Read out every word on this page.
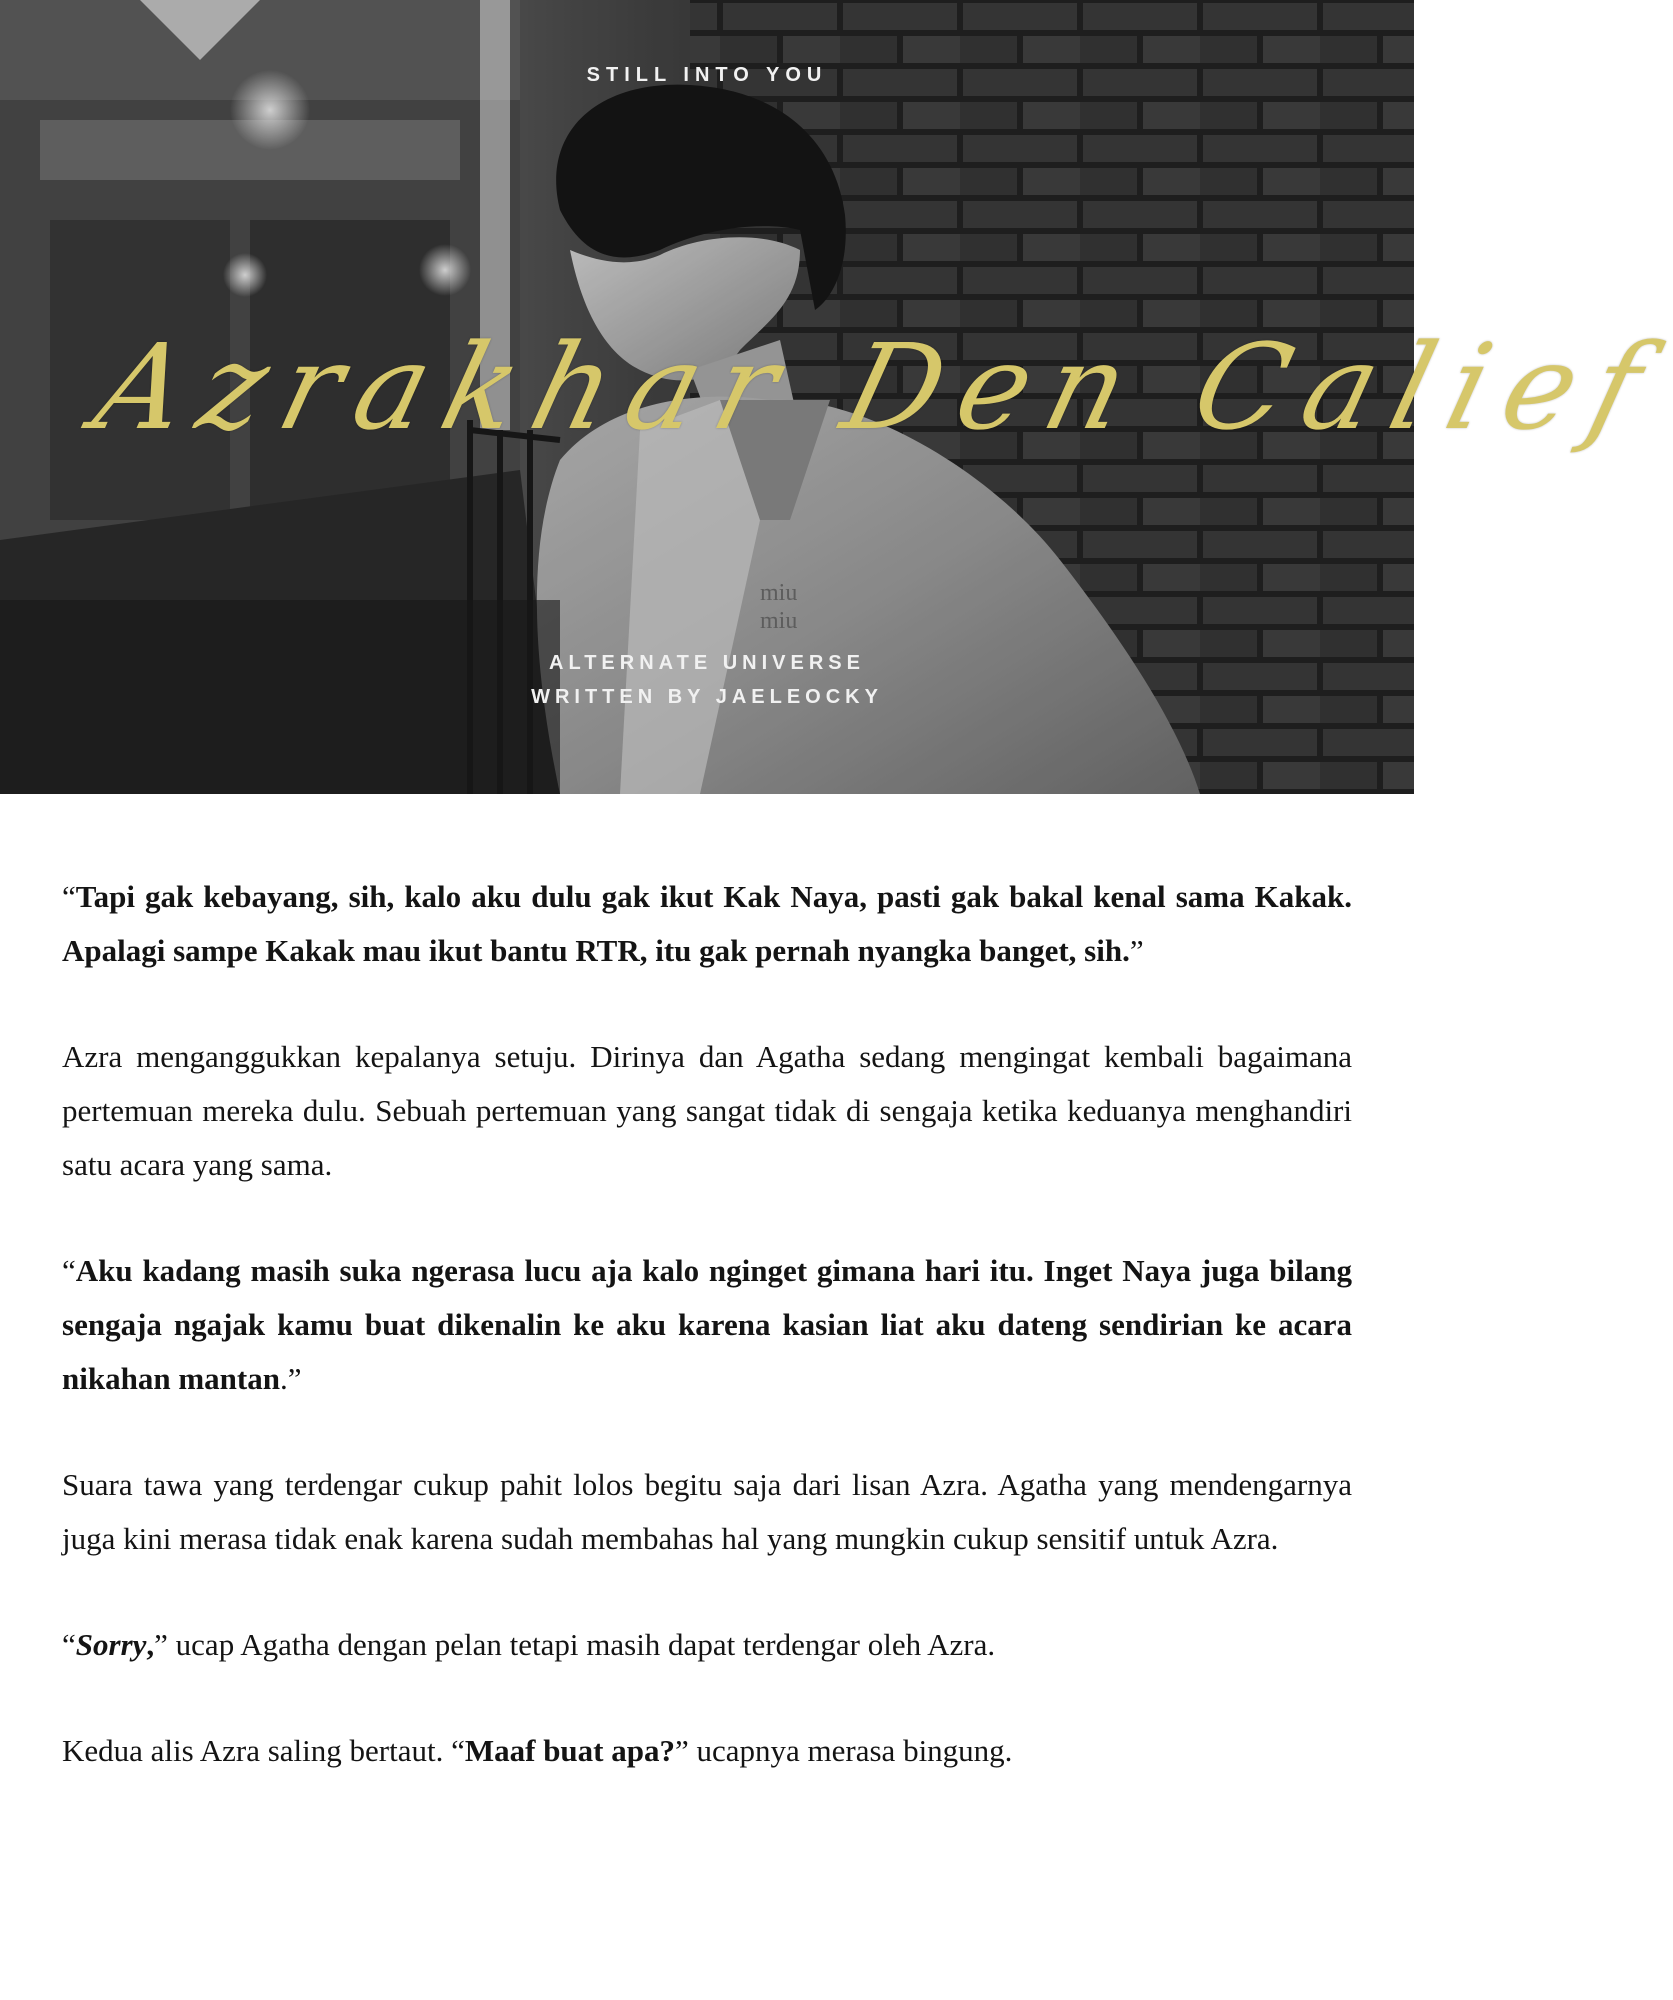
miu
miu
STILL INTO YOU
Azrakhar Den Calief
ALTERNATE UNIVERSE
WRITTEN BY JAELEOCKY

“Tapi gak kebayang, sih, kalo aku dulu gak ikut Kak Naya, pasti gak bakal kenal sama Kakak. Apalagi sampe Kakak mau ikut bantu RTR, itu gak pernah nyangka banget, sih.”

Azra menganggukkan kepalanya setuju. Dirinya dan Agatha sedang mengingat kembali bagaimana pertemuan mereka dulu. Sebuah pertemuan yang sangat tidak di sengaja ketika keduanya menghandiri satu acara yang sama.

“Aku kadang masih suka ngerasa lucu aja kalo nginget gimana hari itu. Inget Naya juga bilang sengaja ngajak kamu buat dikenalin ke aku karena kasian liat aku dateng sendirian ke acara nikahan mantan.”

Suara tawa yang terdengar cukup pahit lolos begitu saja dari lisan Azra. Agatha yang mendengarnya juga kini merasa tidak enak karena sudah membahas hal yang mungkin cukup sensitif untuk Azra.

“Sorry,” ucap Agatha dengan pelan tetapi masih dapat terdengar oleh Azra.

Kedua alis Azra saling bertaut. “Maaf buat apa?” ucapnya merasa bingung.
